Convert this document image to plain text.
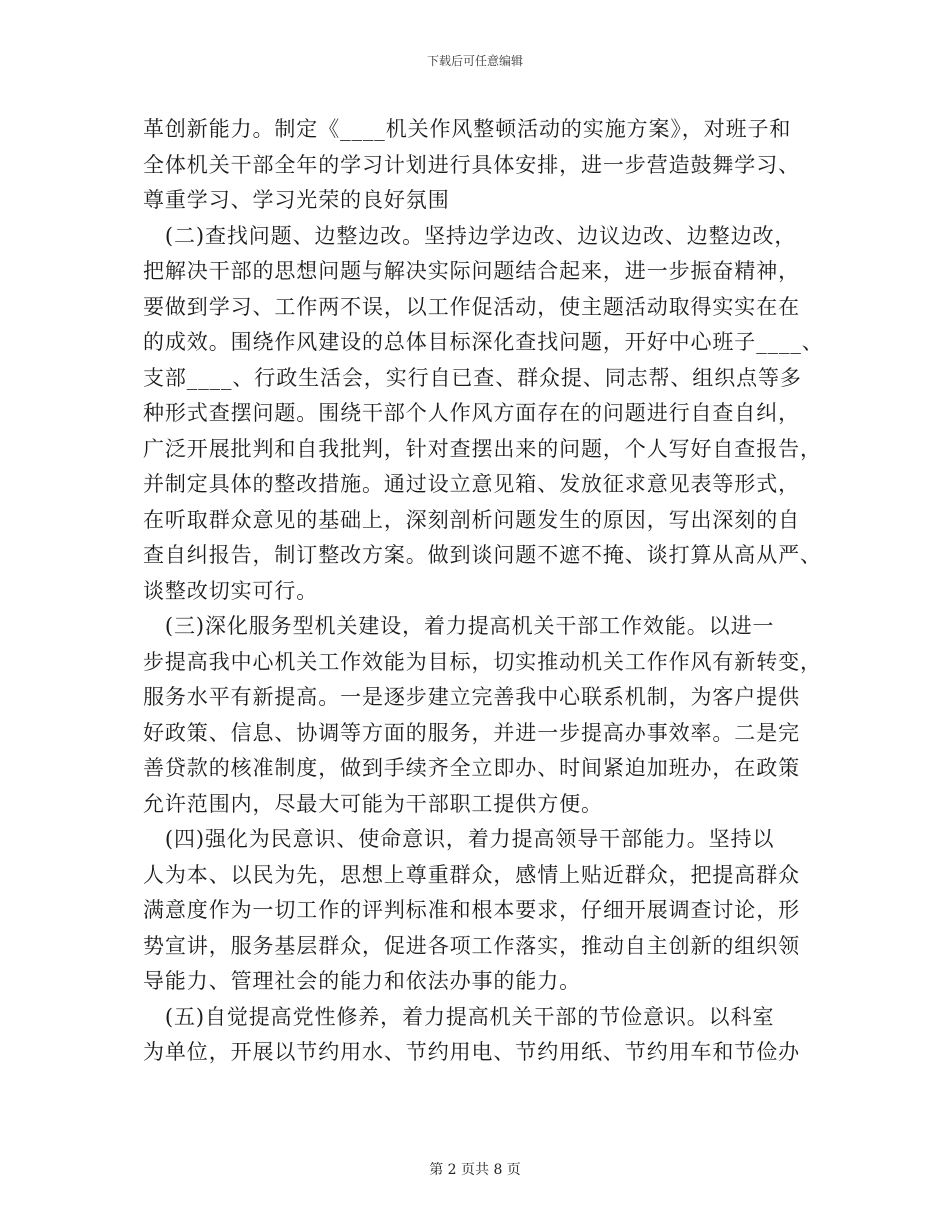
下载后可任意编辑
革创新能力。制定《____机关作风整顿活动的实施方案》，对班子和
全体机关干部全年的学习计划进行具体安排，进一步营造鼓舞学习、
尊重学习、学习光荣的良好氛围
　(二)查找问题、边整边改。坚持边学边改、边议边改、边整边改，
把解决干部的思想问题与解决实际问题结合起来，进一步振奋精神，
要做到学习、工作两不误，以工作促活动，使主题活动取得实实在在
的成效。围绕作风建设的总体目标深化查找问题，开好中心班子____、
支部____、行政生活会，实行自已查、群众提、同志帮、组织点等多
种形式查摆问题。围绕干部个人作风方面存在的问题进行自查自纠，
广泛开展批判和自我批判，针对查摆出来的问题，个人写好自查报告，
并制定具体的整改措施。通过设立意见箱、发放征求意见表等形式，
在听取群众意见的基础上，深刻剖析问题发生的原因，写出深刻的自
查自纠报告，制订整改方案。做到谈问题不遮不掩、谈打算从高从严、
谈整改切实可行。
　(三)深化服务型机关建设，着力提高机关干部工作效能。以进一
步提高我中心机关工作效能为目标，切实推动机关工作作风有新转变，
服务水平有新提高。一是逐步建立完善我中心联系机制，为客户提供
好政策、信息、协调等方面的服务，并进一步提高办事效率。二是完
善贷款的核准制度，做到手续齐全立即办、时间紧迫加班办，在政策
允许范围内，尽最大可能为干部职工提供方便。
　(四)强化为民意识、使命意识，着力提高领导干部能力。坚持以
人为本、以民为先，思想上尊重群众，感情上贴近群众，把提高群众
满意度作为一切工作的评判标准和根本要求，仔细开展调查讨论，形
势宣讲，服务基层群众，促进各项工作落实，推动自主创新的组织领
导能力、管理社会的能力和依法办事的能力。
　(五)自觉提高党性修养，着力提高机关干部的节俭意识。以科室
为单位，开展以节约用水、节约用电、节约用纸、节约用车和节俭办
第 2 页共 8 页
